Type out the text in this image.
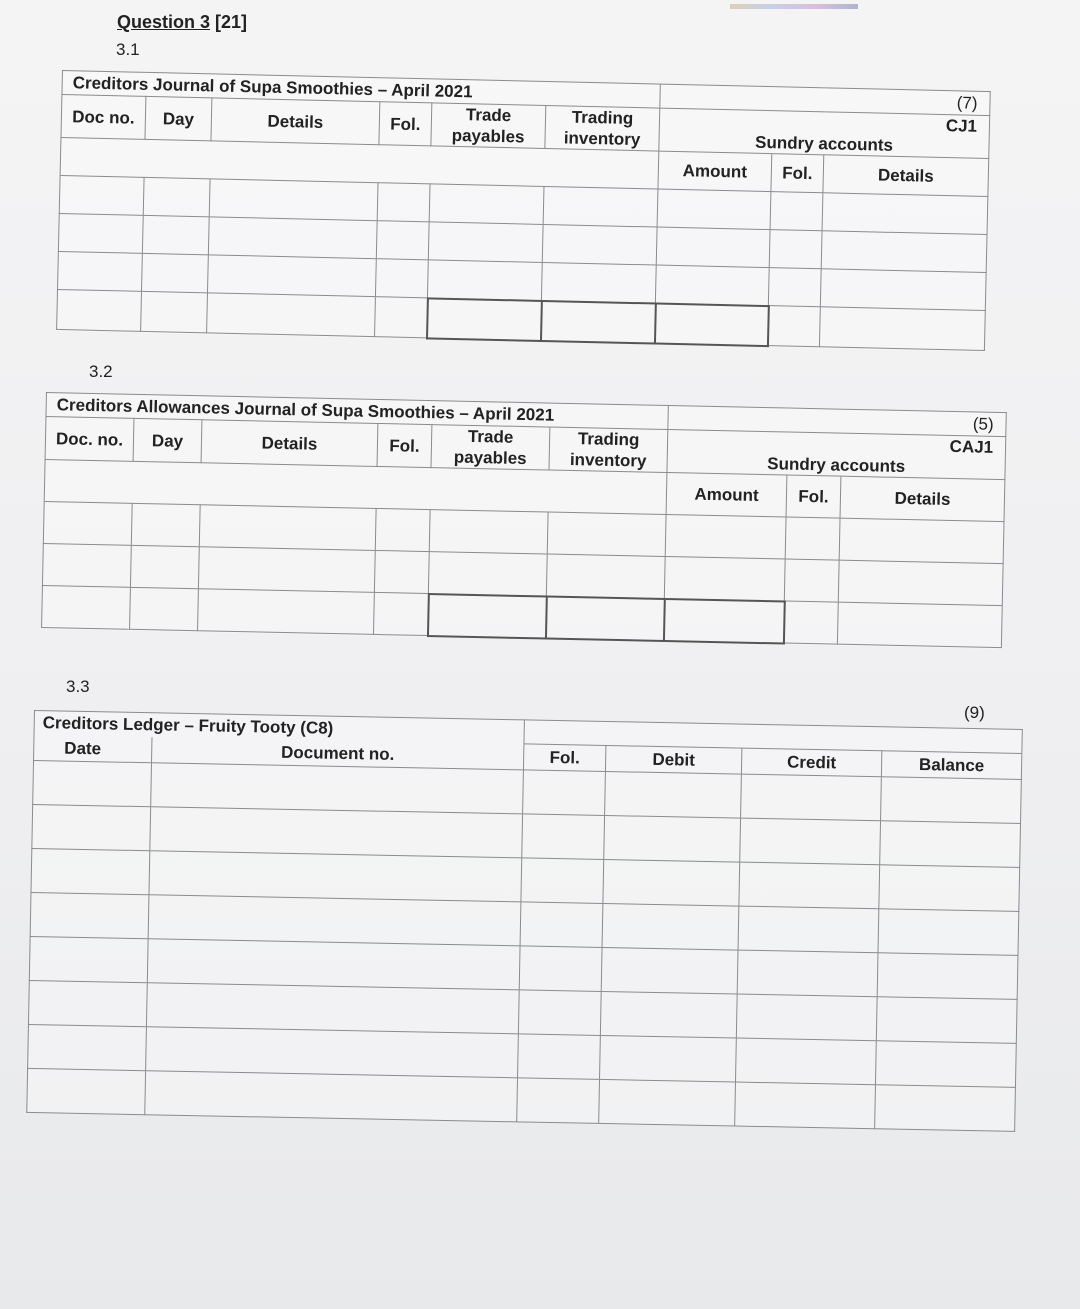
Question 3 [21]
3.1
Creditors Journal of Supa Smoothies – April 2021						(7)		
Doc no.	Day	Details	Fol.	Trade payables	Trading inventory	CJ1		
						Sundry accounts		
						Amount	Fol.	Details

3.2
Creditors Allowances Journal of Supa Smoothies – April 2021						(5)		
Doc. no.	Day	Details	Fol.	Trade payables	Trading inventory	CAJ1		
						Sundry accounts		
						Amount	Fol.	Details

3.3
(9)
Creditors Ledger – Fruity Tooty (C8)					
Date	Document no.	Fol.	Debit	Credit	Balance
